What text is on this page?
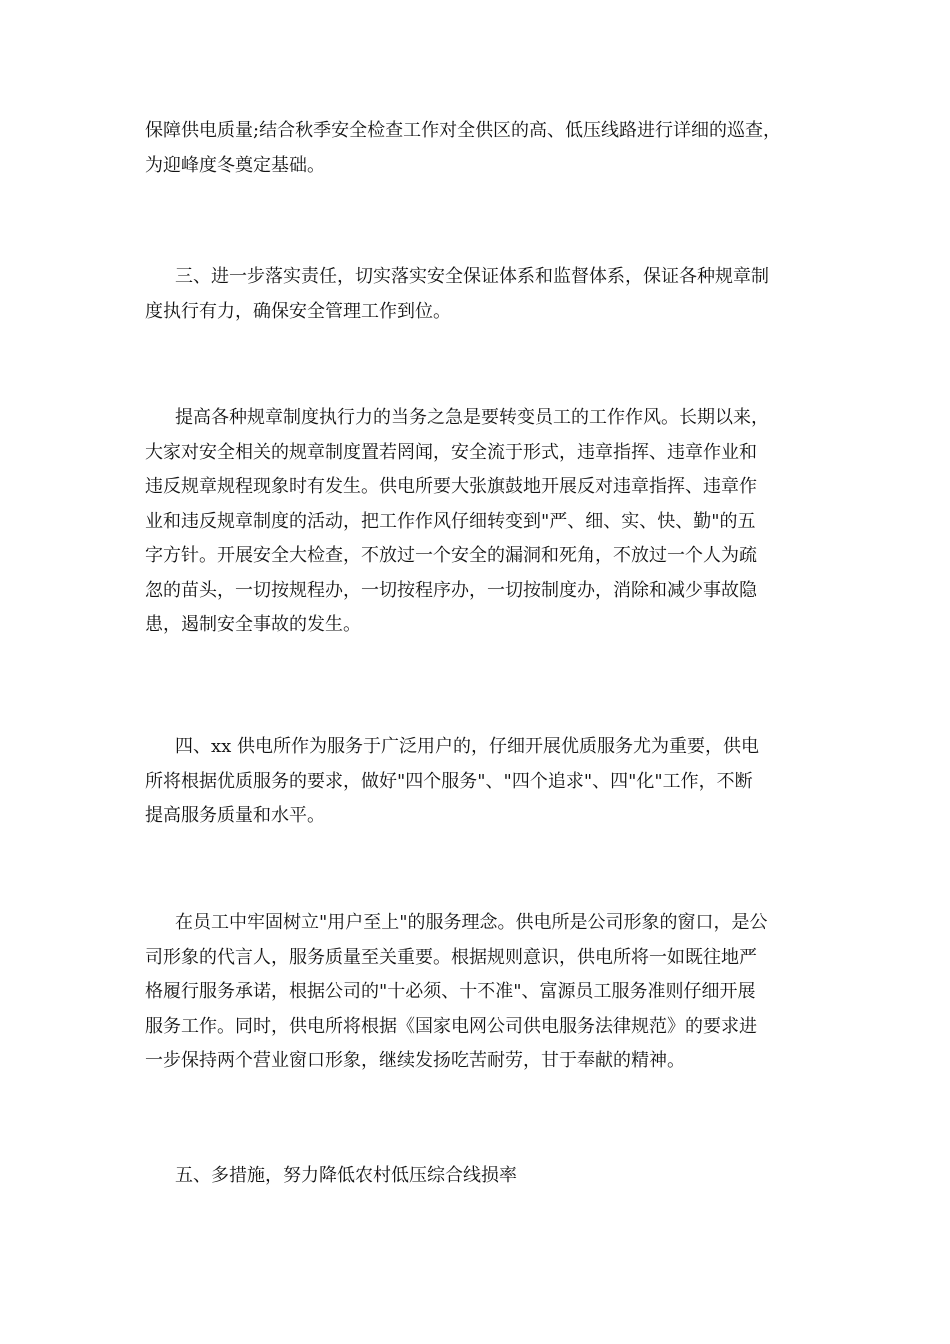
保障供电质量;结合秋季安全检查工作对全供区的高、低压线路进行详细的巡查，
为迎峰度冬奠定基础。
三、进一步落实责任，切实落实安全保证体系和监督体系，保证各种规章制
度执行有力，确保安全管理工作到位。
提高各种规章制度执行力的当务之急是要转变员工的工作作风。长期以来，
大家对安全相关的规章制度置若罔闻，安全流于形式，违章指挥、违章作业和
违反规章规程现象时有发生。供电所要大张旗鼓地开展反对违章指挥、违章作
业和违反规章制度的活动，把工作作风仔细转变到"严、细、实、快、勤"的五
字方针。开展安全大检查，不放过一个安全的漏洞和死角，不放过一个人为疏
忽的苗头，一切按规程办，一切按程序办，一切按制度办，消除和减少事故隐
患，遏制安全事故的发生。
四、xx 供电所作为服务于广泛用户的，仔细开展优质服务尤为重要，供电
所将根据优质服务的要求，做好"四个服务"、"四个追求"、四"化"工作，不断
提高服务质量和水平。
在员工中牢固树立"用户至上"的服务理念。供电所是公司形象的窗口，是公
司形象的代言人，服务质量至关重要。根据规则意识，供电所将一如既往地严
格履行服务承诺，根据公司的"十必须、十不准"、富源员工服务准则仔细开展
服务工作。同时，供电所将根据《国家电网公司供电服务法律规范》的要求进
一步保持两个营业窗口形象，继续发扬吃苦耐劳，甘于奉献的精神。
五、多措施，努力降低农村低压综合线损率
